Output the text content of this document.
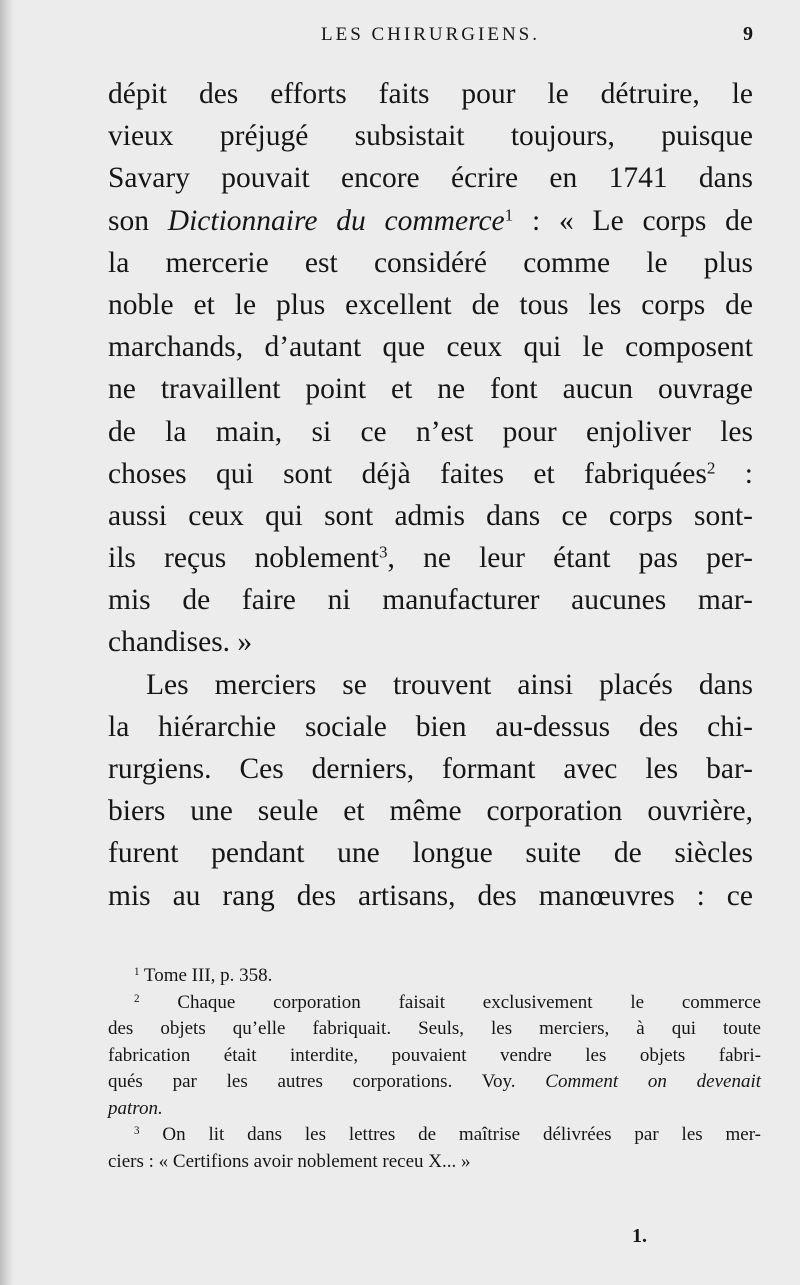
LES CHIRURGIENS.	9
dépit des efforts faits pour le détruire, le
vieux préjugé subsistait toujours, puisque
Savary pouvait encore écrire en 1741 dans
son Dictionnaire du commerce$^1$ : « Le corps de
la mercerie est considéré comme le plus
noble et le plus excellent de tous les corps de
marchands, d’autant que ceux qui le composent
ne travaillent point et ne font aucun ouvrage
de la main, si ce n’est pour enjoliver les
choses qui sont déjà faites et fabriquées$^2$ :
aussi ceux qui sont admis dans ce corps sont-
ils reçus noblement$^3$, ne leur étant pas per-
mis de faire ni manufacturer aucunes mar-
chandises. »
Les merciers se trouvent ainsi placés dans
la hiérarchie sociale bien au-dessus des chi-
rurgiens. Ces derniers, formant avec les bar-
biers une seule et même corporation ouvrière,
furent pendant une longue suite de siècles
mis au rang des artisans, des manœuvres : ce
$^1$ Tome III, p. 358.
$^2$ Chaque corporation faisait exclusivement le commerce
des objets qu’elle fabriquait. Seuls, les merciers, à qui toute
fabrication était interdite, pouvaient vendre les objets fabri-
qués par les autres corporations. Voy. Comment on devenait
patron.
$^3$ On lit dans les lettres de maîtrise délivrées par les mer-
ciers : « Certifions avoir noblement receu X... »
1.
